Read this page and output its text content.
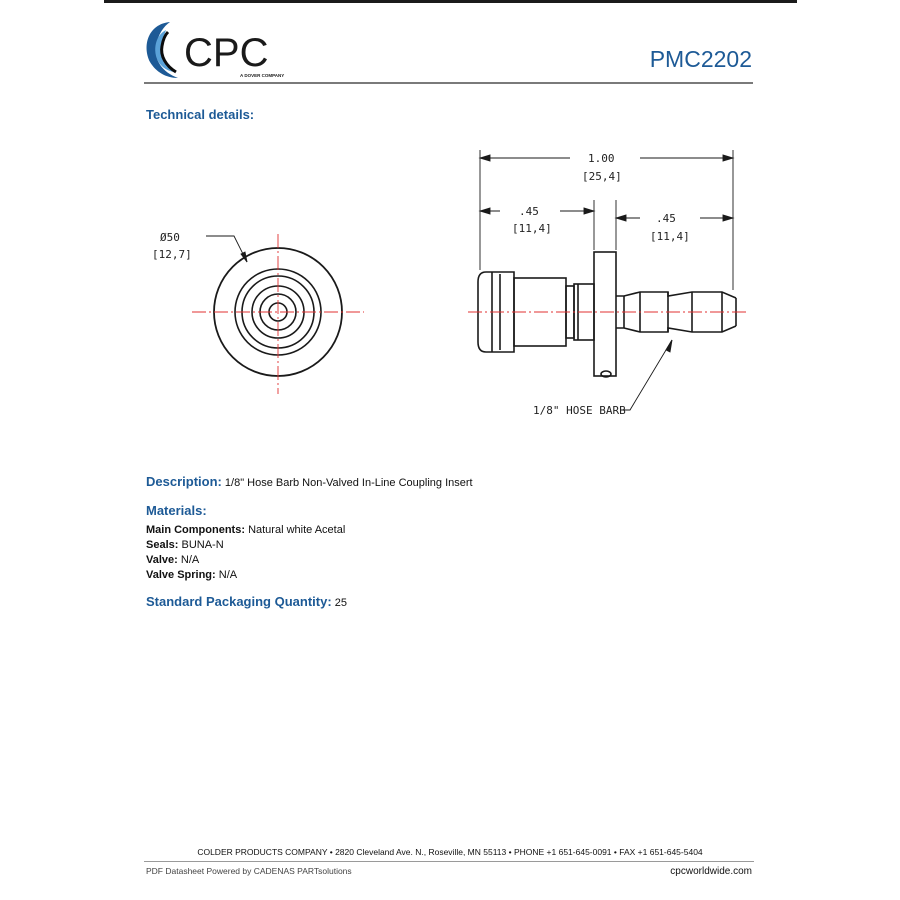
CPC
A DOVER COMPANY
PMC2202
Technical details:
Ø50
[12,7]
1.00
[25,4]
.45
[11,4]
.45
[11,4]
1/8" HOSE BARB
Description: 1/8" Hose Barb Non-Valved In-Line Coupling Insert
Materials:
Main Components: Natural white Acetal
Seals: BUNA-N
Valve: N/A
Valve Spring: N/A
Standard Packaging Quantity: 25
COLDER PRODUCTS COMPANY • 2820 Cleveland Ave. N., Roseville, MN 55113 • PHONE +1 651-645-0091 • FAX +1 651-645-5404
PDF Datasheet Powered by CADENAS PARTsolutions	cpcworldwide.com
